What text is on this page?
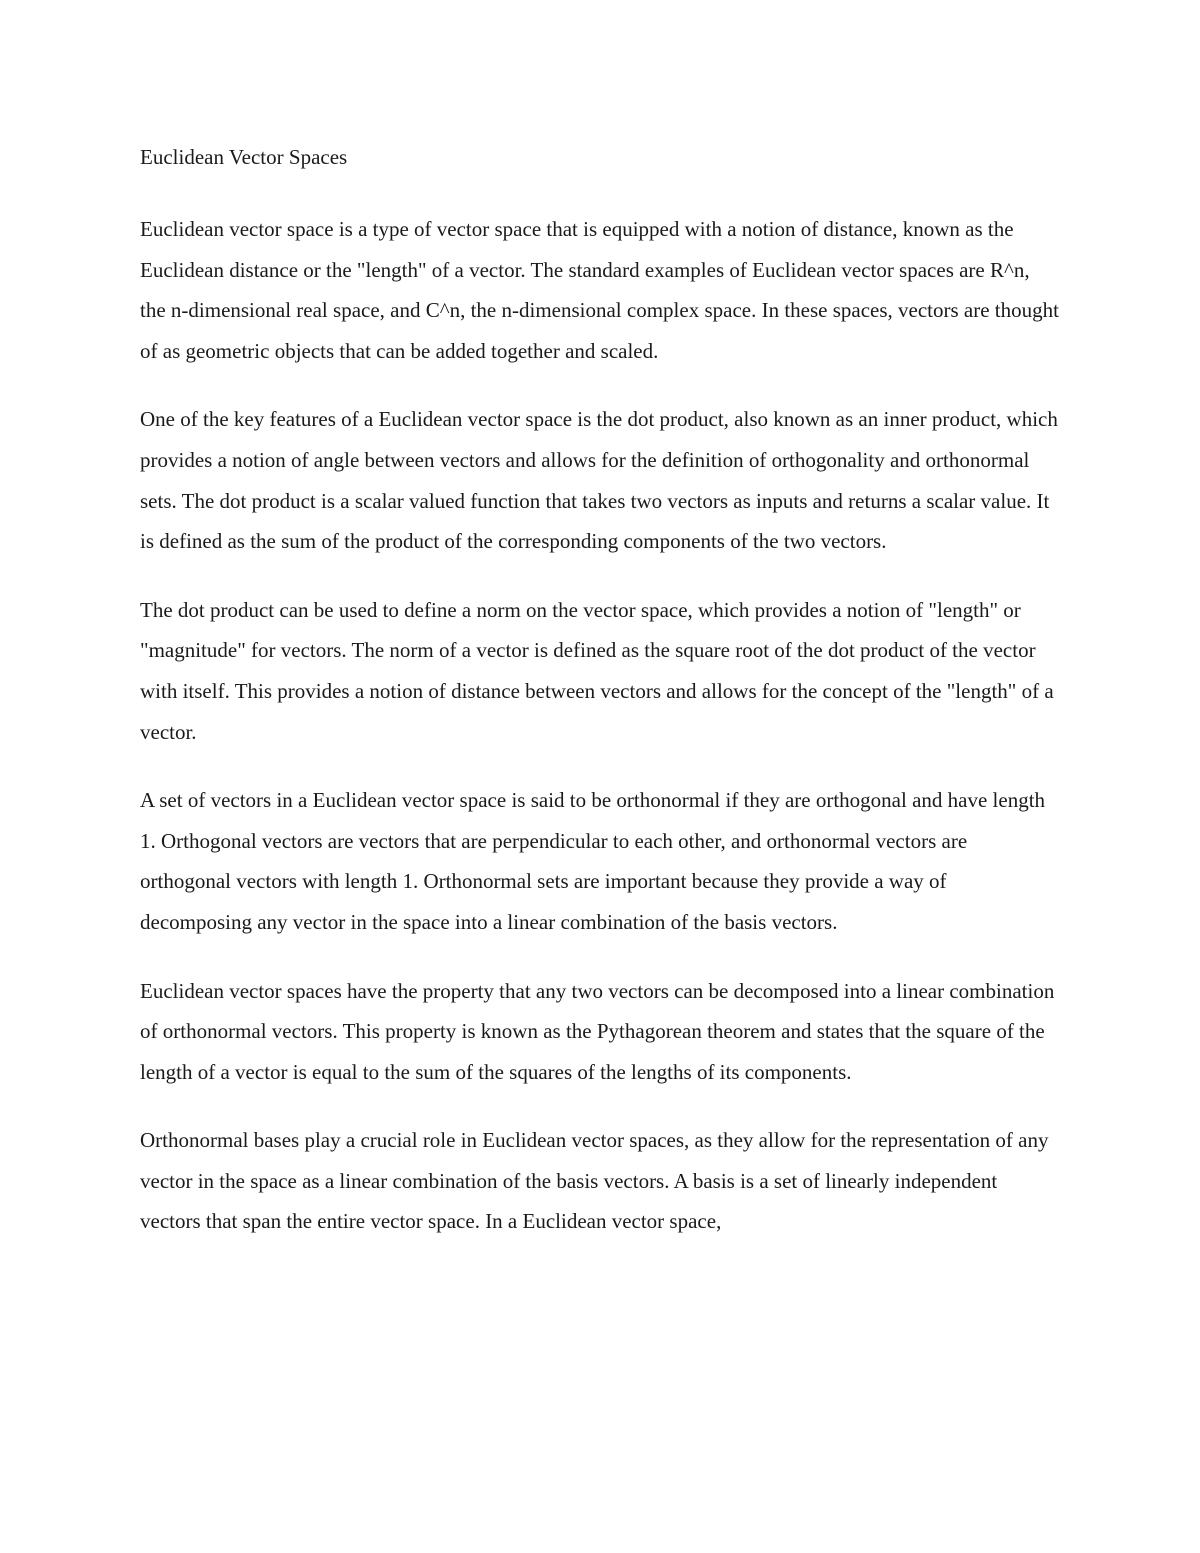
Euclidean Vector Spaces

Euclidean vector space is a type of vector space that is equipped with a notion of distance, known as the Euclidean distance or the "length" of a vector. The standard examples of Euclidean vector spaces are R^n, the n-dimensional real space, and C^n, the n-dimensional complex space. In these spaces, vectors are thought of as geometric objects that can be added together and scaled.

One of the key features of a Euclidean vector space is the dot product, also known as an inner product, which provides a notion of angle between vectors and allows for the definition of orthogonality and orthonormal sets. The dot product is a scalar valued function that takes two vectors as inputs and returns a scalar value. It is defined as the sum of the product of the corresponding components of the two vectors.

The dot product can be used to define a norm on the vector space, which provides a notion of "length" or "magnitude" for vectors. The norm of a vector is defined as the square root of the dot product of the vector with itself. This provides a notion of distance between vectors and allows for the concept of the "length" of a vector.

A set of vectors in a Euclidean vector space is said to be orthonormal if they are orthogonal and have length 1. Orthogonal vectors are vectors that are perpendicular to each other, and orthonormal vectors are orthogonal vectors with length 1. Orthonormal sets are important because they provide a way of decomposing any vector in the space into a linear combination of the basis vectors.

Euclidean vector spaces have the property that any two vectors can be decomposed into a linear combination of orthonormal vectors. This property is known as the Pythagorean theorem and states that the square of the length of a vector is equal to the sum of the squares of the lengths of its components.

Orthonormal bases play a crucial role in Euclidean vector spaces, as they allow for the representation of any vector in the space as a linear combination of the basis vectors. A basis is a set of linearly independent vectors that span the entire vector space. In a Euclidean vector space,
